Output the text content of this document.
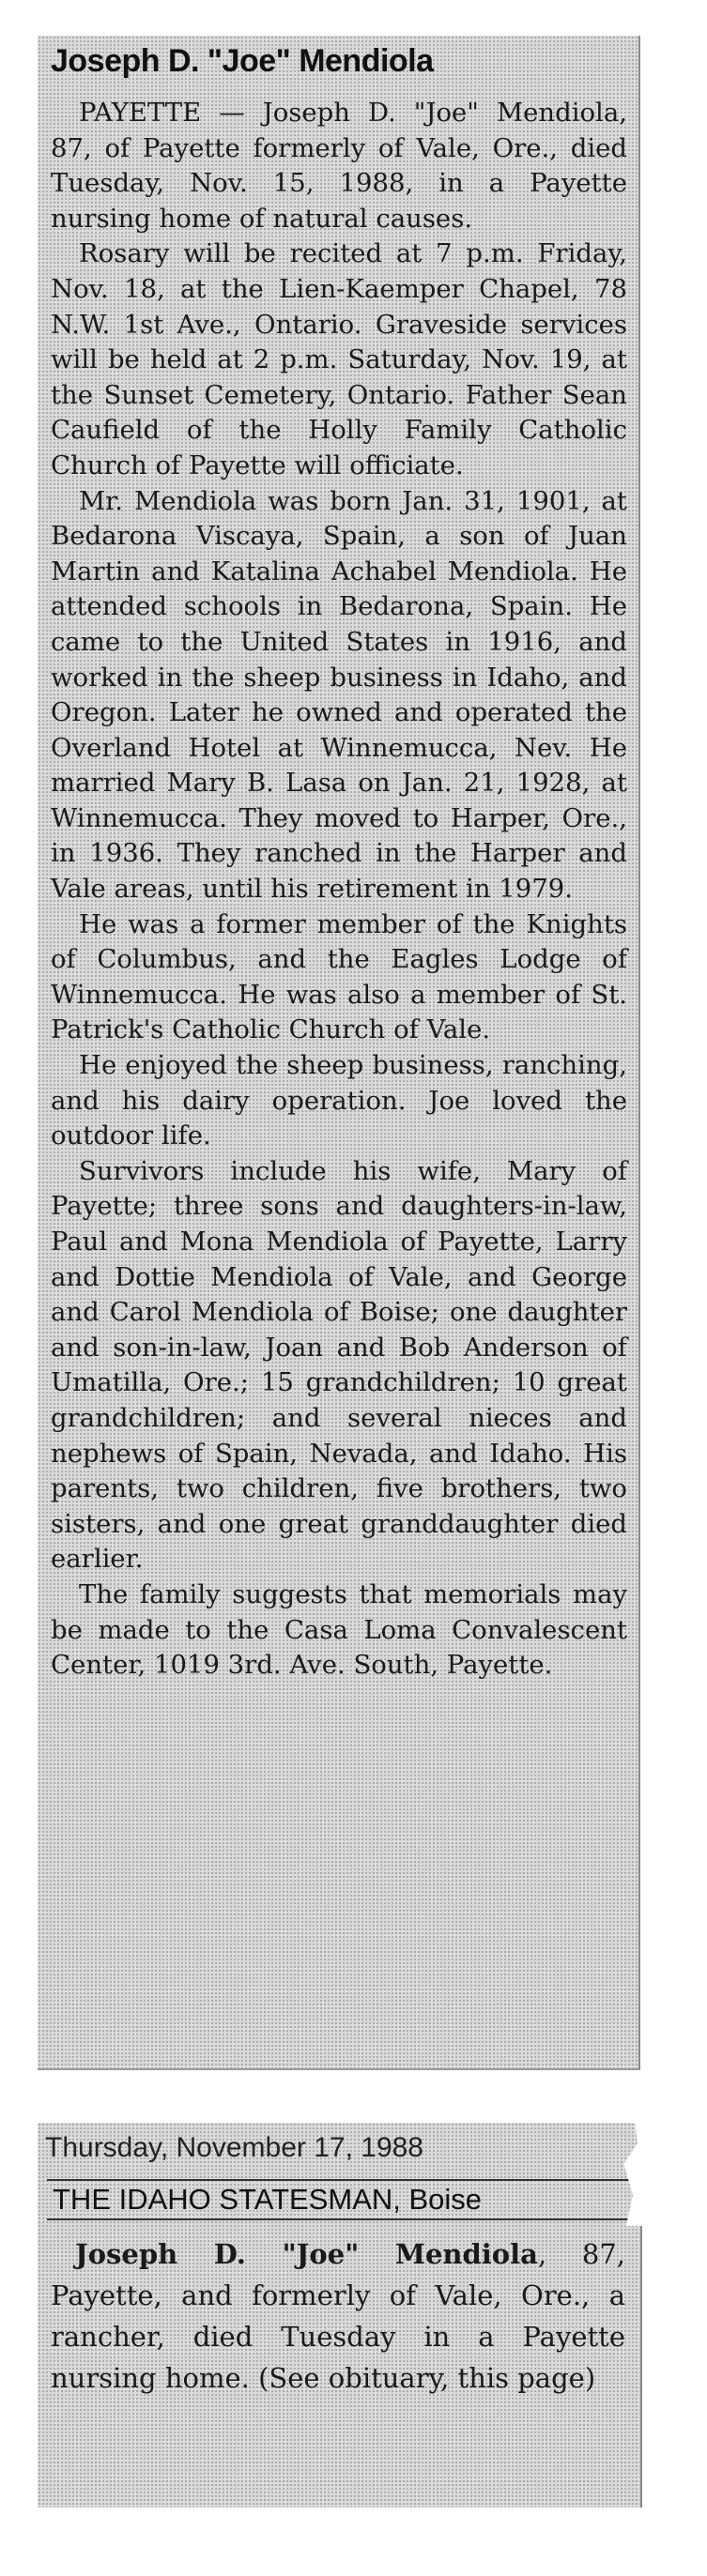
Joseph D. "Joe" Mendiola

PAYETTE — Joseph D. "Joe" Mendiola, 87, of Payette formerly of Vale, Ore., died Tuesday, Nov. 15, 1988, in a Payette nursing home of natural causes.

Rosary will be recited at 7 p.m. Friday, Nov. 18, at the Lien-Kaemper Chapel, 78 N.W. 1st Ave., Ontario. Graveside services will be held at 2 p.m. Saturday, Nov. 19, at the Sunset Cemetery, Ontario. Father Sean Caufield of the Holly Family Catholic Church of Payette will officiate.

Mr. Mendiola was born Jan. 31, 1901, at Bedarona Viscaya, Spain, a son of Juan Martin and Katalina Achabel Mendiola. He attended schools in Bedarona, Spain. He came to the United States in 1916, and worked in the sheep business in Idaho, and Oregon. Later he owned and operated the Overland Hotel at Winnemucca, Nev. He married Mary B. Lasa on Jan. 21, 1928, at Winnemucca. They moved to Harper, Ore., in 1936. They ranched in the Harper and Vale areas, until his retirement in 1979.

He was a former member of the Knights of Columbus, and the Eagles Lodge of Winnemucca. He was also a member of St. Patrick's Catholic Church of Vale.

He enjoyed the sheep business, ranching, and his dairy operation. Joe loved the outdoor life.

Survivors include his wife, Mary of Payette; three sons and daughters-in-law, Paul and Mona Mendiola of Payette, Larry and Dottie Mendiola of Vale, and George and Carol Mendiola of Boise; one daughter and son-in-law, Joan and Bob Anderson of Umatilla, Ore.; 15 grandchildren; 10 great grandchildren; and several nieces and nephews of Spain, Nevada, and Idaho. His parents, two children, five brothers, two sisters, and one great granddaughter died earlier.

The family suggests that memorials may be made to the Casa Loma Convalescent Center, 1019 3rd. Ave. South, Payette.

Thursday, November 17, 1988
THE IDAHO STATESMAN, Boise

Joseph D. "Joe" Mendiola, 87, Payette, and formerly of Vale, Ore., a rancher, died Tuesday in a Payette nursing home. (See obituary, this page)
